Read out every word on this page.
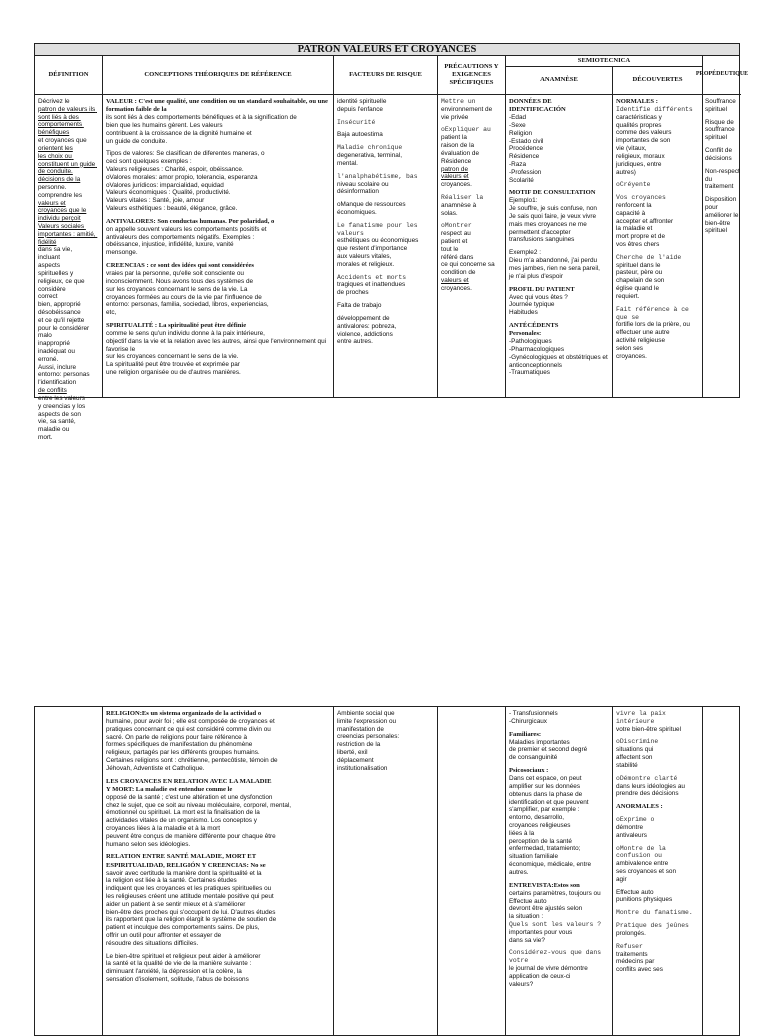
PATRON VALEURS ET CROYANCES
DÉFINITION
Décrivez le
patron de valeurs ils sont liés à des comportements bénéfiques
et croyances que
orientent les
les choix ou constituent un guide de conduite.
décisions de la
personne.
comprendre les
valeurs et
croyances que le
individu perçoit
Valeurs sociales importantes : amitié, fidélité
dans sa vie,
incluant
aspects
spirituelles y
religieux, ce que
considère
correct
bien, approprié désobéissance
et ce qu'il rejette
pour le considérer
malo
inapproprié
inadéquat ou
erroné.
Aussi, inclure entorno: personas
l'identification
de conflits
entre les valeurs
y creencias y los
aspects de son
vie, sa santé,
maladie ou
mort.
CONCEPTIONS THÉORIQUES DE RÉFÉRENCE
VALEUR : C'est une qualité, une condition ou un standard souhaitable, ou une formation faible de la
ils sont liés à des comportements bénéfiques et à la signification de
bien que les humains gèrent. Les valeurs
contribuent à la croissance de la dignité humaine et
un guide de conduite.
Tipos de valores: Se clasifican de diferentes maneras, o
ceci sont quelques exemples :
Valeurs religieuses : Charité, espoir, obéissance.
oValores morales: amor propio, tolerancia, esperanza
oValores jurídicos: imparcialidad, equidad
Valeurs économiques : Qualité, productivité.
Valeurs vitales : Santé, joie, amour
Valeurs esthétiques : beauté, élégance, grâce.
ANTIVALORES: Son conductas humanas. Por polaridad, o
on appelle souvent valeurs les comportements positifs et
antivaleurs des comportements négatifs. Exemples :
obéissance, injustice, infidélité, luxure, vanité
mensonge.
CREENCIAS : ce sont des idées qui sont considérées
vraies par la personne, qu'elle soit consciente ou
inconsciemment. Nous avons tous des systèmes de
sur les croyances concernant le sens de la vie. La
croyances formées au cours de la vie par l'influence de
entorno: personas, familia, sociedad, libros, experiencias,
etc,
SPIRITUALITÉ : La spiritualité peut être définie
comme le sens qu'un individu donne à la paix intérieure,
objectif dans la vie et la relation avec les autres, ainsi que l'environnement qui favorise le
sur les croyances concernant le sens de la vie.
La spiritualité peut être trouvée et exprimée par
une religion organisée ou de d'autres manières.
FACTEURS DE RISQUE
identité spirituelle
depuis l'enfance
Insécurité
Baja autoestima
Maladie chronique
degenerativa, terminal,
mental.
l'analphabétisme, bas
niveau scolaire ou
désinformation
oManque de ressources
économiques.
Le fanatisme pour les valeurs
esthétiques ou économiques
que restent d'importance
aux valeurs vitales,
morales et religieux.
Accidents et morts
tragiques et inattendues
de proches
Falta de trabajo
développement de
antivalores: pobreza,
violence, addictions
entre autres.
PRÉCAUTIONS Y EXIGENCES SPÉCIFIQUES
Mettre un
environnement de
vie privée
oExpliquer au
patient la
raison de la
évaluation de Résidence
patron de
valeurs et
croyances.
Réaliser la
anamnèse à
solas.
oMontrer
respect au
patient et
tout le
référé dans
ce qui concerne sa
condition de
valeurs et
croyances.
SEMIOTECNICA
ANAMNÈSE
DONNÉES DE IDENTIFICACIÓN
-Edad
-Sexe
Religion
-Estado civil
Procédence
Résidence
-Raza
-Profession
Scolarité
MOTIF DE CONSULTATION
Ejemplo1:
Je souffre, je suis confuse, non
Je sais quoi faire, je veux vivre
mais mes croyances ne me
permettent d'accepter
transfusions sanguines
Exemple2 :
Dieu m'a abandonné, j'ai perdu
mes jambes, rien ne sera pareil,
je n'ai plus d'espoir
PROFIL DU PATIENT
Avec qui vous êtes ?
Journée typique
Habitudes
ANTÉCÉDENTS
Personales:
-Pathologiques
-Pharmacologiques
-Gynécologiques et obstétriques et
anticonceptionnels
-Traumatiques
DÉCOUVERTES
NORMALES :
Identifie différents
caractéristicas y
qualités propres
comme des valeurs
importantes de son
vie (vitaux,
religieux, moraux
juridiques, entre
autres)
oCréyente
Vos croyances
renforcent la
capacité à
accepter et affronter
la maladie et
mort propre et de
vos êtres chers
Cherche de l'aide
spirituel dans le
pasteur, père ou
chapelain de son
église quand le
requiert.
Fait référence à ce que se
fortifie lors de la prière, ou
effectuer une autre
activité religieuse
selon ses
croyances.
PROPÉDEUTIQUE
Souffrance
spirituel
Risque de
souffrance
spirituel
Conflit de
décisions
Non-respect
du traitement
Disposition pour
améliorer le
bien-être
spirituel
RELIGION:Es un sistema organizado de la actividad o
humaine, pour avoir foi ; elle est composée de croyances et
pratiques concernant ce qui est considéré comme divin ou
sacré. On parle de religions pour faire référence à
formes spécifiques de manifestation du phénomène
religieux, partagés par les différents groupes humains.
Certaines religions sont : chrétienne, pentecôtiste, témoin de
Jéhovah, Adventiste et Catholique.
LES CROYANCES EN RELATION AVEC LA MALADIE
Y MORT: La maladie est entendue comme le
opposé de la santé ; c'est une altération et une dysfonction
chez le sujet, que ce soit au niveau moléculaire, corporel, mental,
émotionnel ou spirituel. La mort est la finalisation de la
actividades vitales de un organismo. Los conceptos y
croyances liées à la maladie et à la mort
peuvent être conçus de manière différente pour chaque être
humano selon ses idéologies.
RELATION ENTRE SANTÉ MALADIE, MORT ET
ESPIRITUALIDAD, RELIGIÓN Y CREENCIAS: No se
savoir avec certitude la manière dont la spiritualité et la
la religion est liée à la santé. Certaines études
indiquent que les croyances et les pratiques spirituelles ou
les religieuses créent une attitude mentale positive qui peut
aider un patient à se sentir mieux et à s'améliorer
bien-être des proches qui s'occupent de lui. D'autres études
ils rapportent que la religion élargit le système de soutien de
patient et inculque des comportements sains. De plus,
offrir un outil pour affronter et essayer de
résoudre des situations difficiles.
Le bien-être spirituel et religieux peut aider à améliorer
la santé et la qualité de vie de la manière suivante :
diminuant l'anxiété, la dépression et la colère, la
sensation d'isolement, solitude, l'abus de boissons
Ambiente social que
limite l'expression ou
manifestation de
creencias personales:
restriction de la
liberté, exil
déplacement
institutionalisation
- Transfusionnels
-Chirurgicaux
Familiares:
Maladies importantes
de premier et second degré
de consanguinité
Psicosociaux :
Dans cet espace, on peut
amplifier sur les données
obtenus dans la phase de
identification et que peuvent
s'amplifier, par exemple :
entorno, desarrollo,
croyances religieuses
liées à la
perception de la santé
enfermedad, tratamiento;
situation familiale
économique, médicale, entre
autres.
ENTREVISTA:Estos son
certains paramètres, toujours ou Effectue auto
devront être ajustés selon
la situation :
Quels sont les valeurs ?
importantes pour vous
dans sa vie?
Considérez-vous que dans votre
le journal de vivre démontre
application de ceux-ci
valeurs?
vivre la paix intérieure
votre bien-être spirituel
oDiscrimine
situations qui
affectent son
stabilité
oDémontre clarté
dans leurs idéologies au
prendre des décisions
ANORMALES :
oExprime o
démontre
antivaleurs
oMontre de la confusion ou
ambivalence entre
ses croyances et son
agir
Effectue auto
punitions physiques
Montre du fanatisme.
Pratique des jeûnes
prolongés.
Refuser
traitements
médecins par
conflits avec ses
